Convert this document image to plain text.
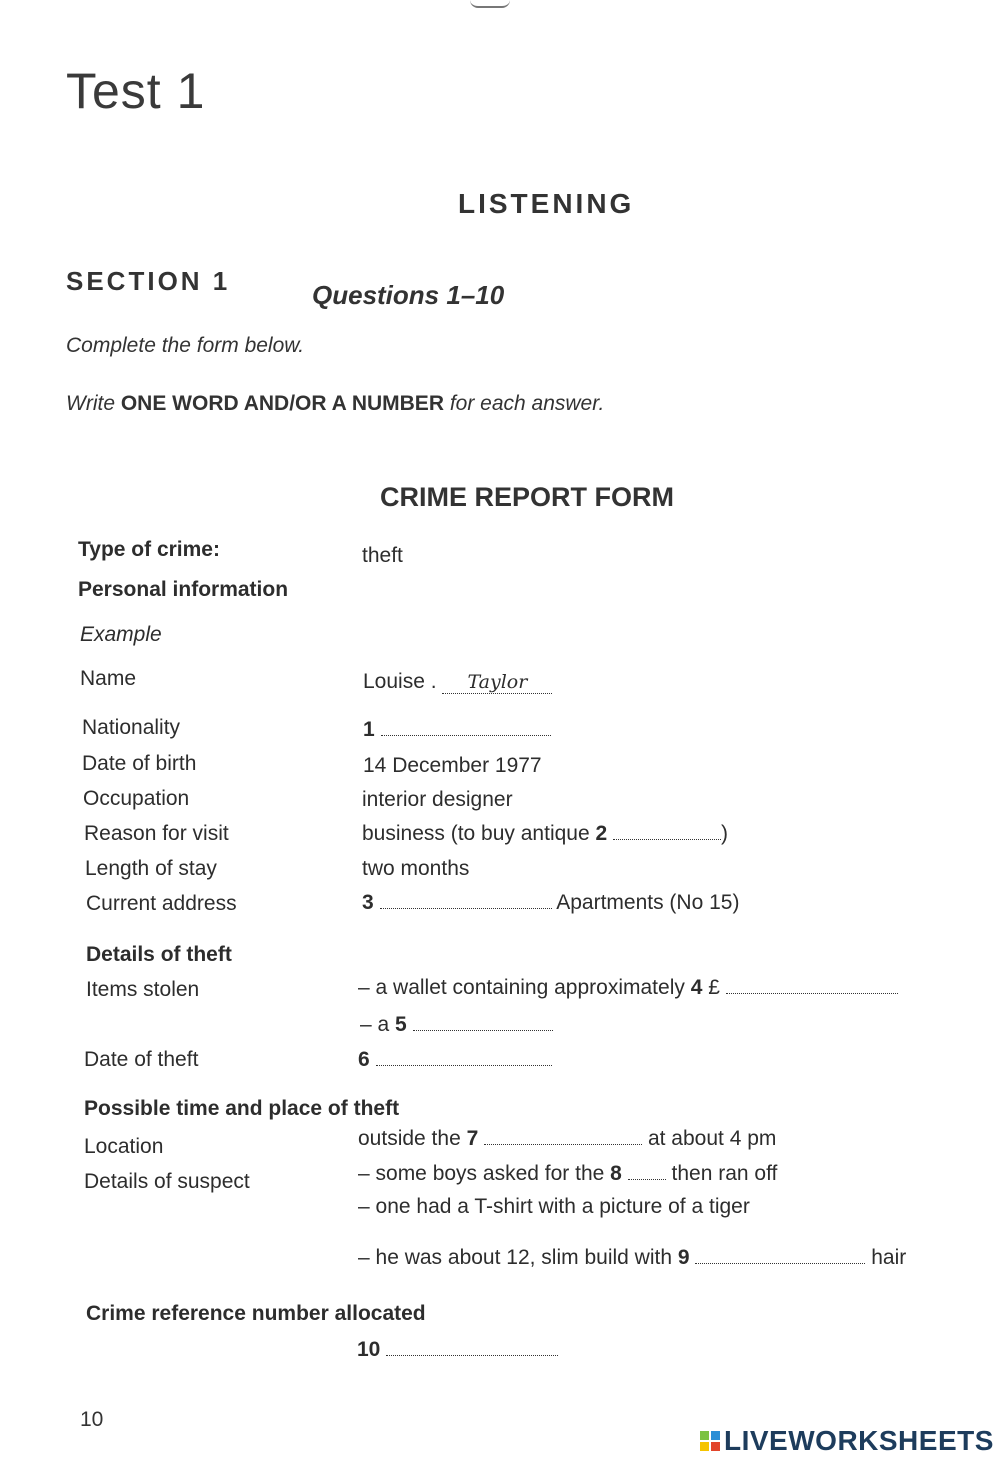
Test 1
LISTENING
SECTION 1	Questions 1–10
Complete the form below.
Write ONE WORD AND/OR A NUMBER for each answer.
CRIME REPORT FORM
Type of crime:	theft
Personal information
Example
Name	Louise . Taylor
Nationality	1
Date of birth	14 December 1977
Occupation	interior designer
Reason for visit	business (to buy antique 2	)
Length of stay	two months
Current address	3	Apartments (No 15)
Details of theft
Items stolen	– a wallet containing approximately 4 £
– a 5
Date of theft	6
Possible time and place of theft
Location	outside the 7	at about 4 pm
Details of suspect	– some boys asked for the 8  then ran off
– one had a T-shirt with a picture of a tiger
– he was about 12, slim build with 9	hair
Crime reference number allocated
10
10
LIVEWORKSHEETS
